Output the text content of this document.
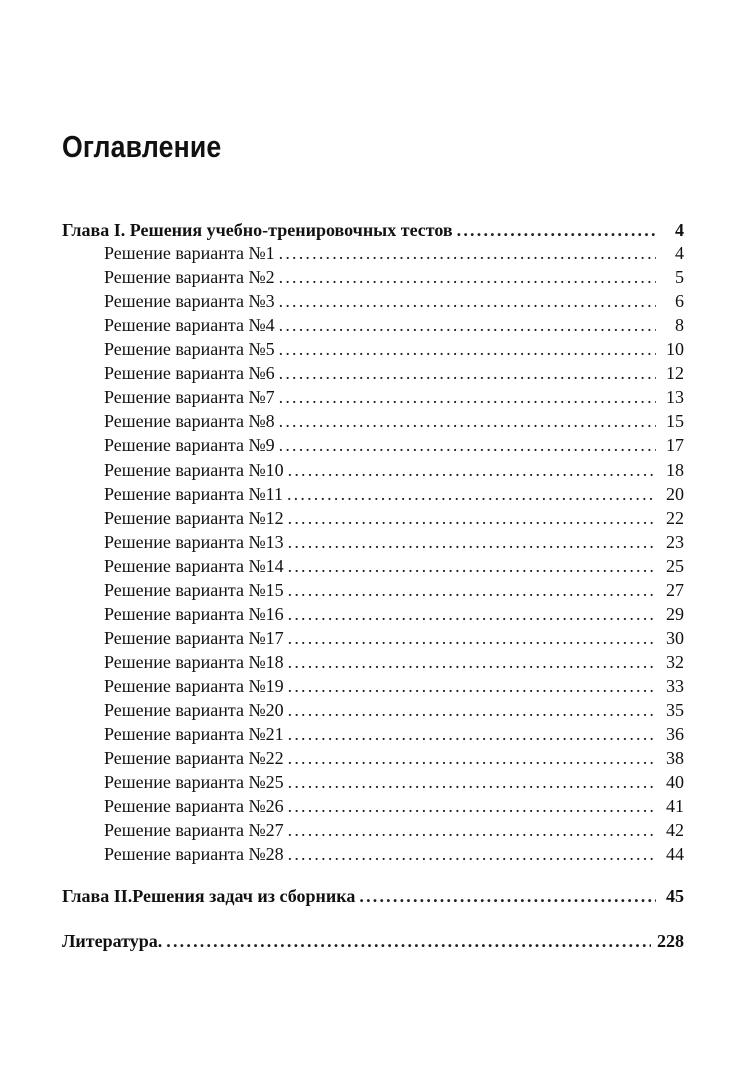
Оглавление
Глава I. Решения учебно-тренировочных тестов .....	4
Решение варианта №1 .....	4
Решение варианта №2 .....	5
Решение варианта №3 .....	6
Решение варианта №4 .....	8
Решение варианта №5 .....	10
Решение варианта №6 .....	12
Решение варианта №7 .....	13
Решение варианта №8 .....	15
Решение варианта №9 .....	17
Решение варианта №10 .....	18
Решение варианта №11 .....	20
Решение варианта №12 .....	22
Решение варианта №13 .....	23
Решение варианта №14 .....	25
Решение варианта №15 .....	27
Решение варианта №16 .....	29
Решение варианта №17 .....	30
Решение варианта №18 .....	32
Решение варианта №19 .....	33
Решение варианта №20 .....	35
Решение варианта №21 .....	36
Решение варианта №22 .....	38
Решение варианта №25 .....	40
Решение варианта №26 .....	41
Решение варианта №27 .....	42
Решение варианта №28 .....	44
Глава II.Решения задач из сборника .....	45
Литература. .....	228
